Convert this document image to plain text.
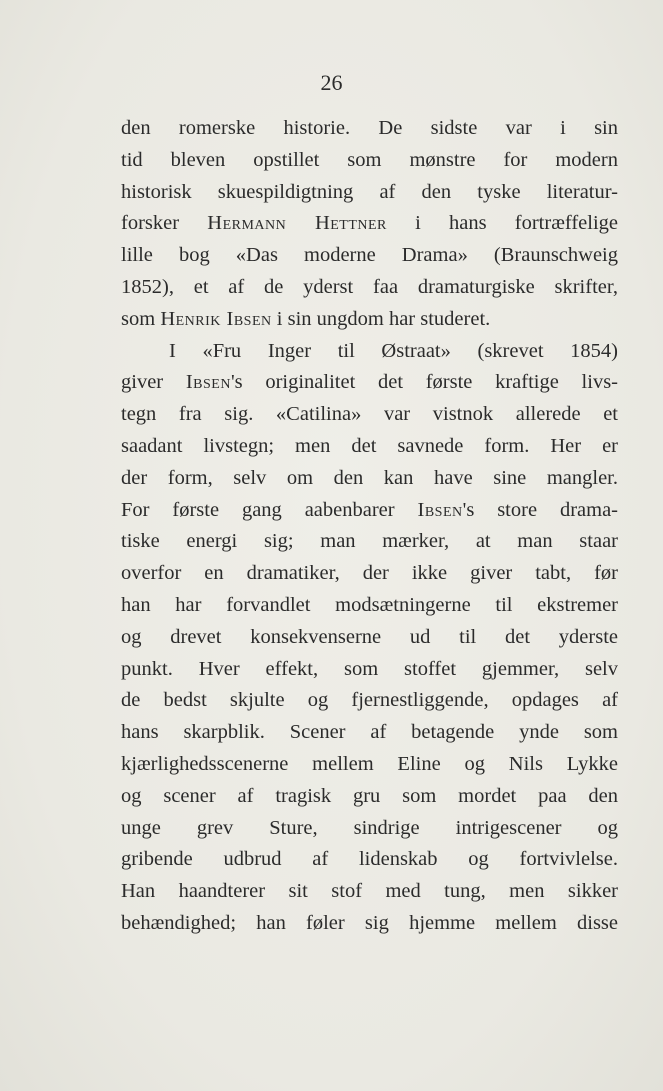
26
den romerske historie. De sidste var i sin
tid bleven opstillet som mønstre for modern
historisk skuespildigtning af den tyske literatur-
forsker Hermann Hettner i hans fortræffelige
lille bog «Das moderne Drama» (Braunschweig
1852), et af de yderst faa dramaturgiske skrifter,
som Henrik Ibsen i sin ungdom har studeret.
I «Fru Inger til Østraat» (skrevet 1854)
giver Ibsen's originalitet det første kraftige livs-
tegn fra sig. «Catilina» var vistnok allerede et
saadant livstegn; men det savnede form. Her er
der form, selv om den kan have sine mangler.
For første gang aabenbarer Ibsen's store drama-
tiske energi sig; man mærker, at man staar
overfor en dramatiker, der ikke giver tabt, før
han har forvandlet modsætningerne til ekstremer
og drevet konsekvenserne ud til det yderste
punkt. Hver effekt, som stoffet gjemmer, selv
de bedst skjulte og fjernestliggende, opdages af
hans skarpblik. Scener af betagende ynde som
kjærlighedsscenerne mellem Eline og Nils Lykke
og scener af tragisk gru som mordet paa den
unge grev Sture, sindrige intrigescener og
gribende udbrud af lidenskab og fortvivlelse.
Han haandterer sit stof med tung, men sikker
behændighed; han føler sig hjemme mellem disse
